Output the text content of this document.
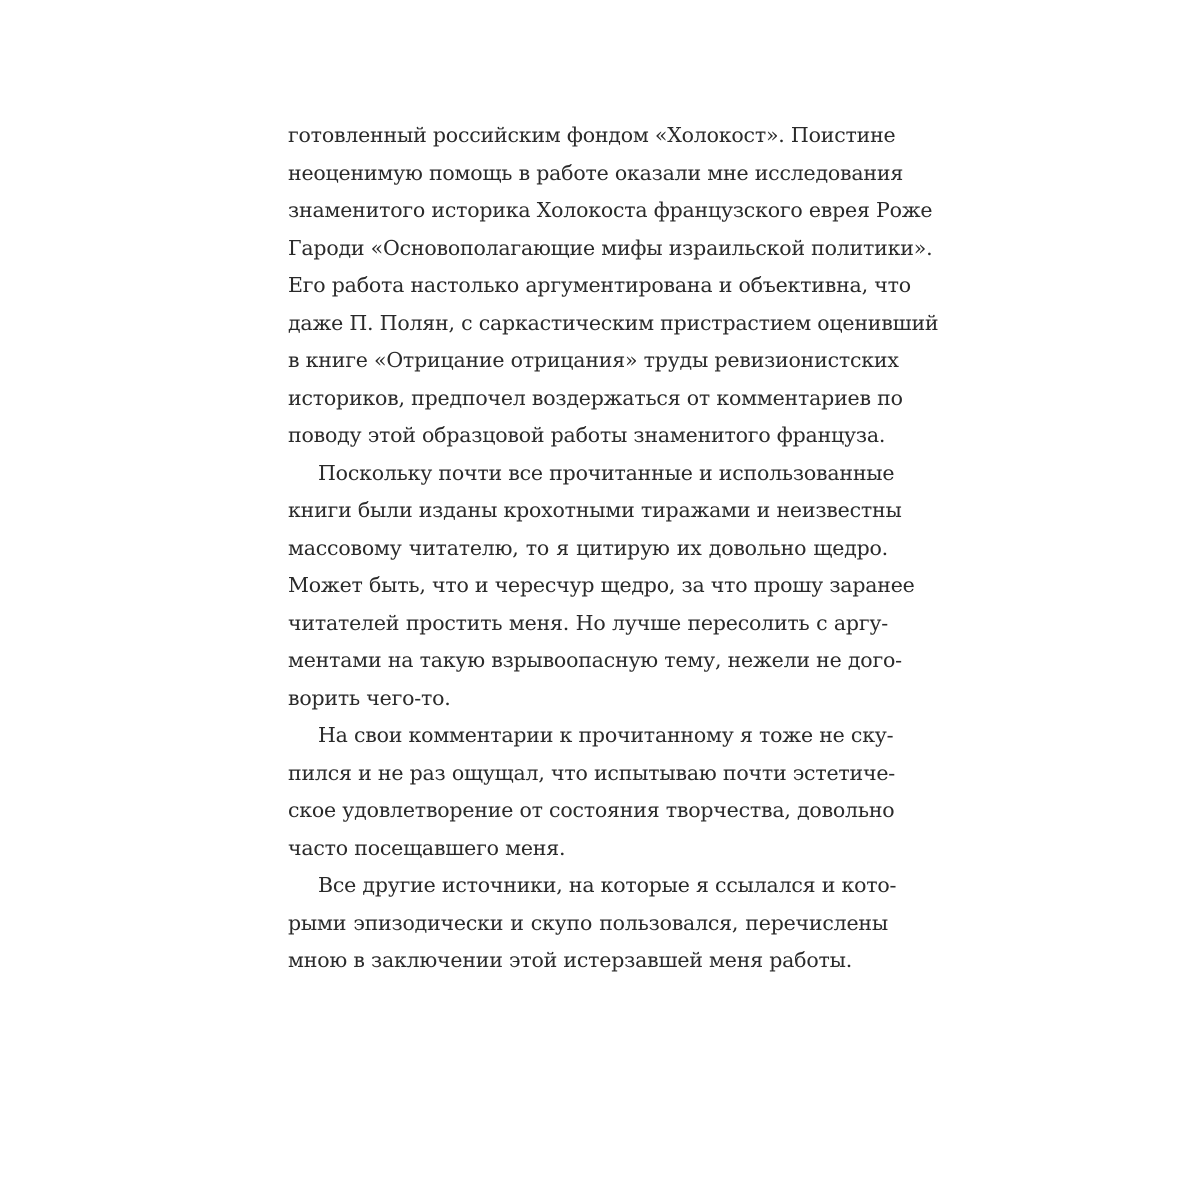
готовленный российским фондом «Холокост». Поистине
неоценимую помощь в работе оказали мне исследования
знаменитого историка Холокоста французского еврея Роже
Гароди «Основополагающие мифы израильской политики».
Его работа настолько аргументирована и объективна, что
даже П. Полян, с саркастическим пристрастием оценивший
в книге «Отрицание отрицания» труды ревизионистских
историков, предпочел воздержаться от комментариев по
поводу этой образцовой работы знаменитого француза.
Поскольку почти все прочитанные и использованные
книги были изданы крохотными тиражами и неизвестны
массовому читателю, то я цитирую их довольно щедро.
Может быть, что и чересчур щедро, за что прошу заранее
читателей простить меня. Но лучше пересолить с аргу-
ментами на такую взрывоопасную тему, нежели не дого-
ворить чего-то.
На свои комментарии к прочитанному я тоже не ску-
пился и не раз ощущал, что испытываю почти эстетиче-
ское удовлетворение от состояния творчества, довольно
часто посещавшего меня.
Все другие источники, на которые я ссылался и кото-
рыми эпизодически и скупо пользовался, перечислены
мною в заключении этой истерзавшей меня работы.
